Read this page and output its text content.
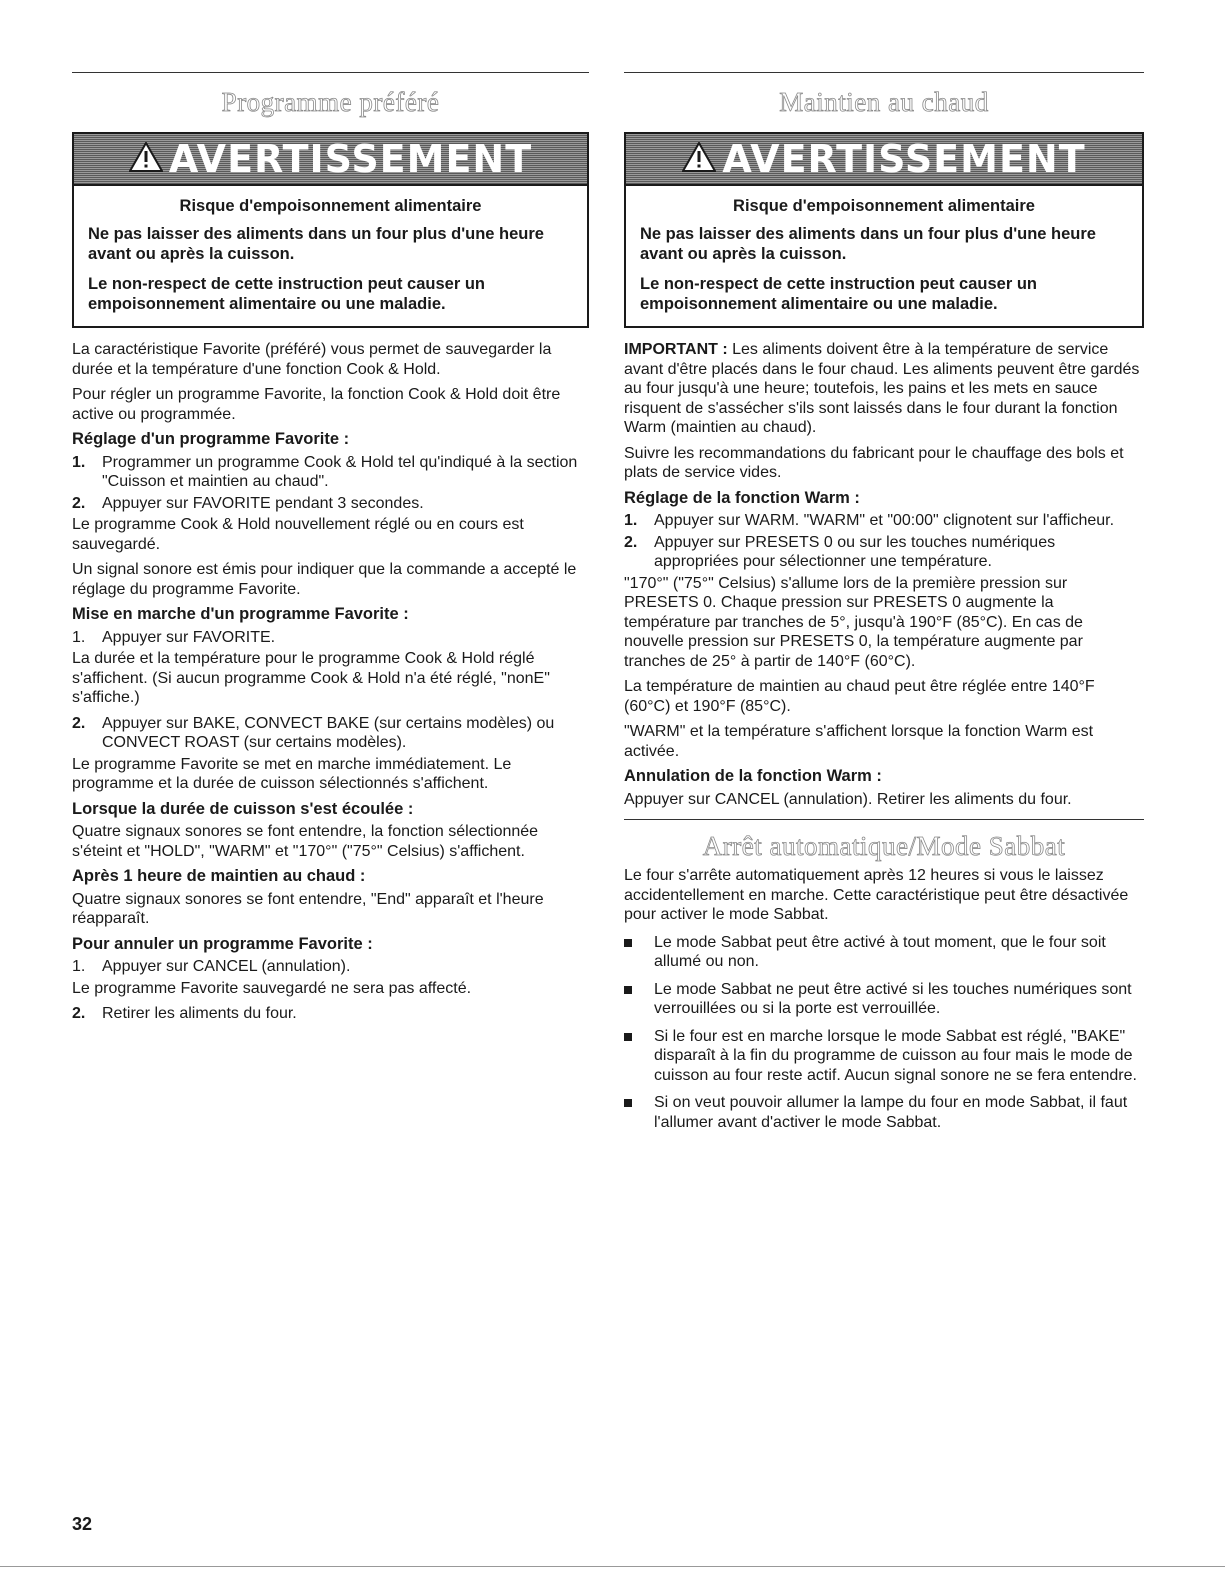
Programme préféré
AVERTISSEMENT
Risque d'empoisonnement alimentaire

Ne pas laisser des aliments dans un four plus d'une heure avant ou après la cuisson.

Le non-respect de cette instruction peut causer un empoisonnement alimentaire ou une maladie.

La caractéristique Favorite (préféré) vous permet de sauvegarder la durée et la température d'une fonction Cook & Hold.

Pour régler un programme Favorite, la fonction Cook & Hold doit être active ou programmée.

Réglage d'un programme Favorite :
1.	Programmer un programme Cook & Hold tel qu'indiqué à la section "Cuisson et maintien au chaud".
2.	Appuyer sur FAVORITE pendant 3 secondes.

Le programme Cook & Hold nouvellement réglé ou en cours est sauvegardé.

Un signal sonore est émis pour indiquer que la commande a accepté le réglage du programme Favorite.

Mise en marche d'un programme Favorite :
1.	Appuyer sur FAVORITE.

La durée et la température pour le programme Cook & Hold réglé s'affichent. (Si aucun programme Cook & Hold n'a été réglé, "nonE" s'affiche.)

2.	Appuyer sur BAKE, CONVECT BAKE (sur certains modèles) ou CONVECT ROAST (sur certains modèles).

Le programme Favorite se met en marche immédiatement. Le programme et la durée de cuisson sélectionnés s'affichent.

Lorsque la durée de cuisson s'est écoulée :

Quatre signaux sonores se font entendre, la fonction sélectionnée s'éteint et "HOLD", "WARM" et "170°" ("75°" Celsius) s'affichent.

Après 1 heure de maintien au chaud :

Quatre signaux sonores se font entendre, "End" apparaît et l'heure réapparaît.

Pour annuler un programme Favorite :
1.	Appuyer sur CANCEL (annulation).

Le programme Favorite sauvegardé ne sera pas affecté.

2.	Retirer les aliments du four.
Maintien au chaud
AVERTISSEMENT
Risque d'empoisonnement alimentaire

Ne pas laisser des aliments dans un four plus d'une heure avant ou après la cuisson.

Le non-respect de cette instruction peut causer un empoisonnement alimentaire ou une maladie.

IMPORTANT : Les aliments doivent être à la température de service avant d'être placés dans le four chaud. Les aliments peuvent être gardés au four jusqu'à une heure; toutefois, les pains et les mets en sauce risquent de s'assécher s'ils sont laissés dans le four durant la fonction Warm (maintien au chaud).

Suivre les recommandations du fabricant pour le chauffage des bols et plats de service vides.

Réglage de la fonction Warm :
1.	Appuyer sur WARM. "WARM" et "00:00" clignotent sur l'afficheur.
2.	Appuyer sur PRESETS 0 ou sur les touches numériques appropriées pour sélectionner une température.

"170°" ("75°" Celsius) s'allume lors de la première pression sur PRESETS 0. Chaque pression sur PRESETS 0 augmente la température par tranches de 5°, jusqu'à 190°F (85°C). En cas de nouvelle pression sur PRESETS 0, la température augmente par tranches de 25° à partir de 140°F (60°C).

La température de maintien au chaud peut être réglée entre 140°F (60°C) et 190°F (85°C).

"WARM" et la température s'affichent lorsque la fonction Warm est activée.

Annulation de la fonction Warm :

Appuyer sur CANCEL (annulation). Retirer les aliments du four.

Arrêt automatique/Mode Sabbat

Le four s'arrête automatiquement après 12 heures si vous le laissez accidentellement en marche. Cette caractéristique peut être désactivée pour activer le mode Sabbat.

Le mode Sabbat peut être activé à tout moment, que le four soit allumé ou non.
Le mode Sabbat ne peut être activé si les touches numériques sont verrouillées ou si la porte est verrouillée.
Si le four est en marche lorsque le mode Sabbat est réglé, "BAKE" disparaît à la fin du programme de cuisson au four mais le mode de cuisson au four reste actif. Aucun signal sonore ne se fera entendre.
Si on veut pouvoir allumer la lampe du four en mode Sabbat, il faut l'allumer avant d'activer le mode Sabbat.
32
